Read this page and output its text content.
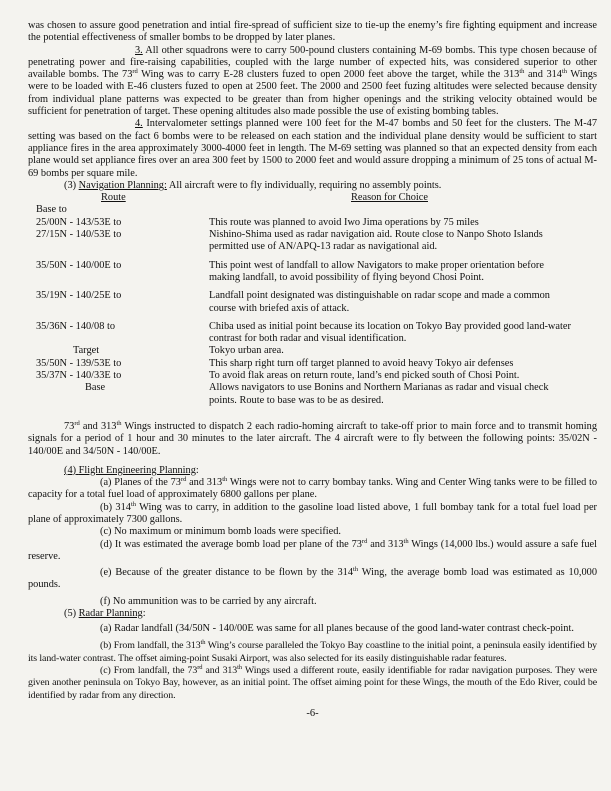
was chosen to assure good penetration and intial fire-spread of sufficient size to tie-up the enemy’s fire fighting equipment and increase the potential effectiveness of smaller bombs to be dropped by later planes.

3. All other squadrons were to carry 500-pound clusters containing M-69 bombs. This type chosen because of penetrating power and fire-raising capabilities, coupled with the large number of expected hits, was considered superior to other available bombs. The 73rd Wing was to carry E-28 clusters fuzed to open 2000 feet above the target, while the 313th and 314th Wings were to be loaded with E-46 clusters fuzed to open at 2500 feet. The 2000 and 2500 feet fuzing altitudes were selected because density from individual plane patterns was expected to be greater than from higher openings and the striking velocity obtained would be sufficient for penetration of target. These opening altitudes also made possible the use of existing bombing tables.

4. Intervalometer settings planned were 100 feet for the M-47 bombs and 50 feet for the clusters. The M-47 setting was based on the fact 6 bombs were to be released on each station and the individual plane density would be sufficient to start appliance fires in the area approximately 3000-4000 feet in length. The M-69 setting was planned so that an expected density from each plane would set appliance fires over an area 300 feet by 1500 to 2000 feet and would assure dropping a minimum of 25 tons of actual M-69 bombs per square mile.

(3) Navigation Planning: All aircraft were to fly individually, requiring no assembly points.

Route	Reason for Choice
Base to
25/00N - 143/53E to	This route was planned to avoid Iwo Jima operations by 75 miles
27/15N - 140/53E to	Nishino-Shima used as radar navigation aid. Route close to Nanpo Shoto Islands permitted use of AN/APQ-13 radar as navigational aid.
35/50N - 140/00E to	This point west of landfall to allow Navigators to make proper orientation before making landfall, to avoid possibility of flying beyond Chosi Point.
35/19N - 140/25E to	Landfall point designated was distinguishable on radar scope and made a common course with briefed axis of attack.
35/36N - 140/08 to	Chiba used as initial point because its location on Tokyo Bay provided good land-water contrast for both radar and visual identification.
Target	Tokyo urban area.
35/50N - 139/53E to	This sharp right turn off target planned to avoid heavy Tokyo air defenses
35/37N - 140/33E to	To avoid flak areas on return route, land’s end picked south of Chosi Point.
Base	Allows navigators to use Bonins and Northern Marianas as radar and visual check points. Route to base was to be as desired.

73rd and 313th Wings instructed to dispatch 2 each radio-homing aircraft to take-off prior to main force and to transmit homing signals for a period of 1 hour and 30 minutes to the later aircraft. The 4 aircraft were to fly between the following points: 35/02N - 140/00E and 34/50N - 140/00E.

(4) Flight Engineering Planning:

(a) Planes of the 73rd and 313th Wings were not to carry bombay tanks. Wing and Center Wing tanks were to be filled to capacity for a total fuel load of approximately 6800 gallons per plane.

(b) 314th Wing was to carry, in addition to the gasoline load listed above, 1 full bombay tank for a total fuel load per plane of approximately 7300 gallons.

(c) No maximum or minimum bomb loads were specified.

(d) It was estimated the average bomb load per plane of the 73rd and 313th Wings (14,000 lbs.) would assure a safe fuel reserve.

(e) Because of the greater distance to be flown by the 314th Wing, the average bomb load was estimated as 10,000 pounds.

(f) No ammunition was to be carried by any aircraft.

(5) Radar Planning:

(a) Radar landfall (34/50N - 140/00E was same for all planes because of the good land-water contrast check-point.

(b) From landfall, the 313th Wing’s course paralleled the Tokyo Bay coastline to the initial point, a peninsula easily identified by its land-water contrast. The offset aiming-point Susaki Airport, was also selected for its easily distinguishable radar features.

(c) From landfall, the 73rd and 313th Wings used a different route, easily identifiable for radar navigation purposes. They were given another peninsula on Tokyo Bay, however, as an initial point. The offset aiming point for these Wings, the mouth of the Edo River, could be identified by radar from any direction.

-6-
